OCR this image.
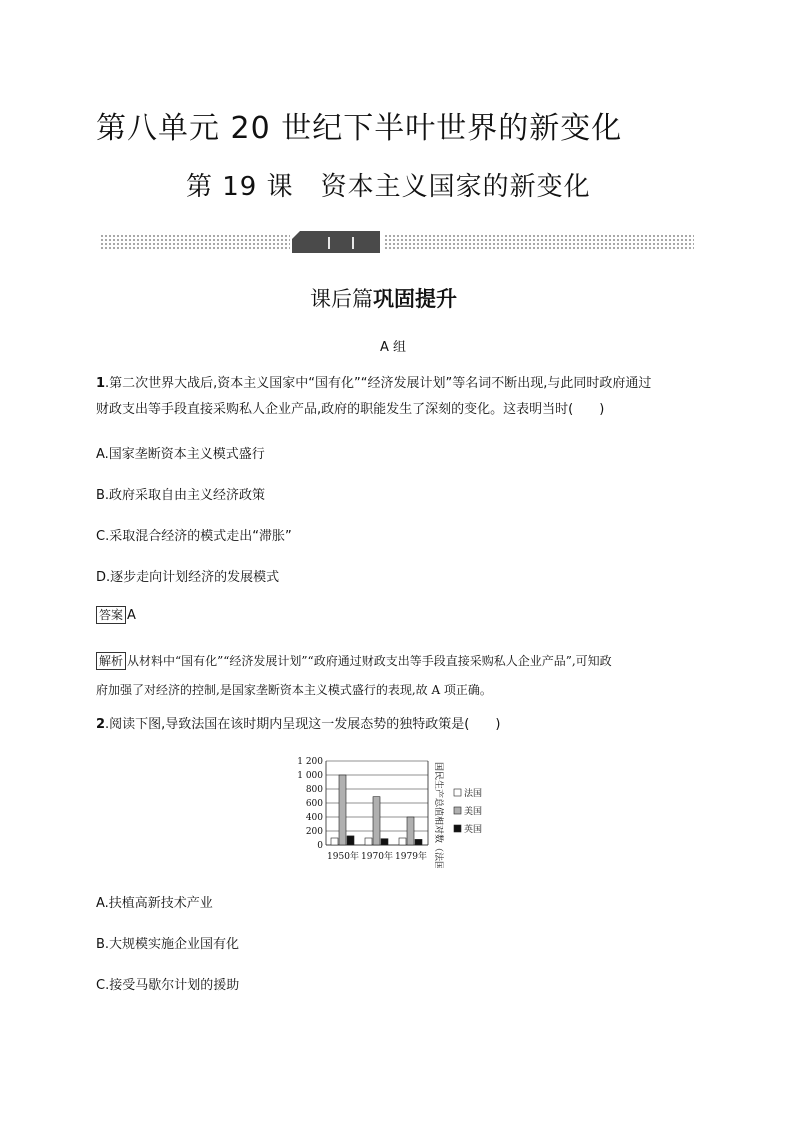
第八单元 20 世纪下半叶世界的新变化
第 19 课　资本主义国家的新变化
课后篇巩固提升
A 组
1.第二次世界大战后,资本主义国家中“国有化”“经济发展计划”等名词不断出现,与此同时政府通过
财政支出等手段直接采购私人企业产品,政府的职能发生了深刻的变化。这表明当时(　　)
A.国家垄断资本主义模式盛行
B.政府采取自由主义经济政策
C.采取混合经济的模式走出“滞胀”
D.逐步走向计划经济的发展模式
答案 A
解析 从材料中“国有化”“经济发展计划”“政府通过财政支出等手段直接采购私人企业产品”,可知政
府加强了对经济的控制,是国家垄断资本主义模式盛行的表现,故 A 项正确。
2.阅读下图,导致法国在该时期内呈现这一发展态势的独特政策是(　　)
0
200
400
600
800
1 000
1 200
1950年 1970年 1979年 国民生产总值相对数（法国=100） 法国
美国
英国
A.扶植高新技术产业
B.大规模实施企业国有化
C.接受马歇尔计划的援助
